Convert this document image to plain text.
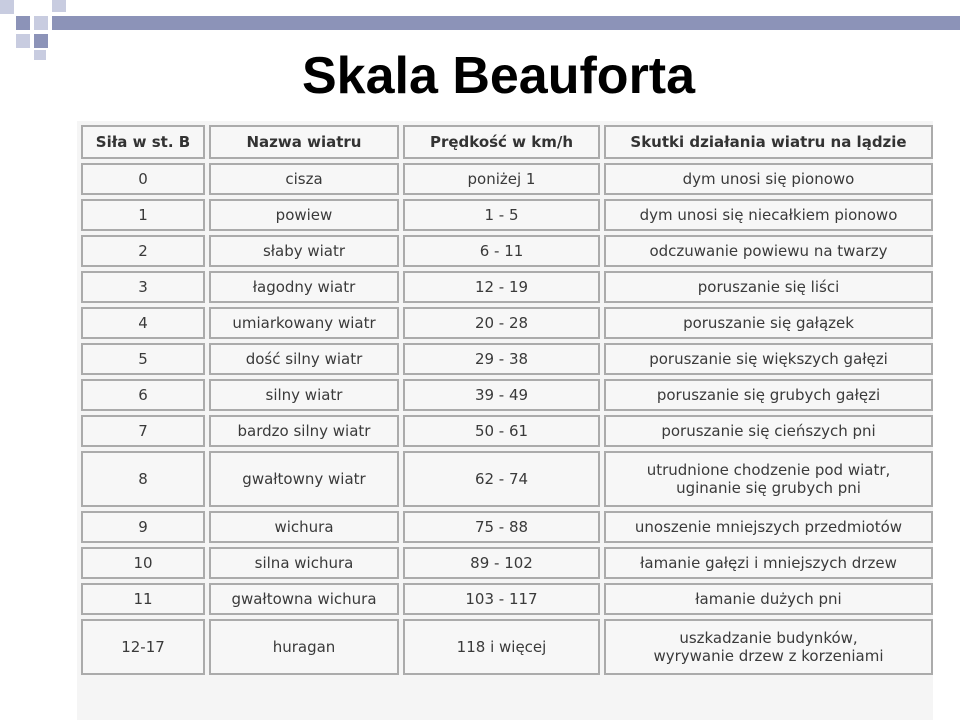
Skala Beauforta
Siła w st. B	Nazwa wiatru	Prędkość w km/h	Skutki działania wiatru na lądzie
0	cisza	poniżej 1	dym unosi się pionowo

1	powiew	1 - 5	dym unosi się niecałkiem pionowo

2	słaby wiatr	6 - 11	odczuwanie powiewu na twarzy

3	łagodny wiatr	12 - 19	poruszanie się liści

4	umiarkowany wiatr	20 - 28	poruszanie się gałązek

5	dość silny wiatr	29 - 38	poruszanie się większych gałęzi

6	silny wiatr	39 - 49	poruszanie się grubych gałęzi

7	bardzo silny wiatr	50 - 61	poruszanie się cieńszych pni

8	gwałtowny wiatr	62 - 74	utrudnione chodzenie pod wiatr,
uginanie się grubych pni

9	wichura	75 - 88	unoszenie mniejszych przedmiotów

10	silna wichura	89 - 102	łamanie gałęzi i mniejszych drzew

11	gwałtowna wichura	103 - 117	łamanie dużych pni

12-17	huragan	118 i więcej	uszkadzanie budynków,
wyrywanie drzew z korzeniami
